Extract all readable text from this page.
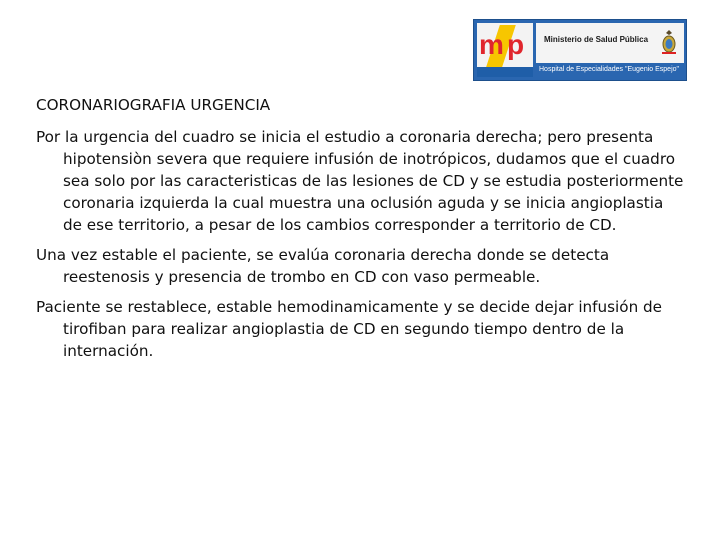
m p Ministerio de Salud Pública
Hospital de Especialidades "Eugenio Espejo"

CORONARIOGRAFIA URGENCIA

Por la urgencia del cuadro se inicia el estudio a coronaria derecha; pero presenta hipotensiòn severa que requiere infusión de inotrópicos, dudamos que el cuadro sea solo por las caracteristicas de las lesiones de CD y se estudia posteriormente coronaria izquierda la cual muestra una oclusión aguda y se inicia angioplastia de ese territorio, a pesar de los cambios corresponder a territorio de CD.

Una vez estable el paciente, se evalúa coronaria derecha donde se detecta reestenosis y presencia de trombo en CD con vaso permeable.

Paciente se restablece, estable hemodinamicamente y se decide dejar infusión de tirofiban para realizar angioplastia de CD en segundo tiempo dentro de la internación.
